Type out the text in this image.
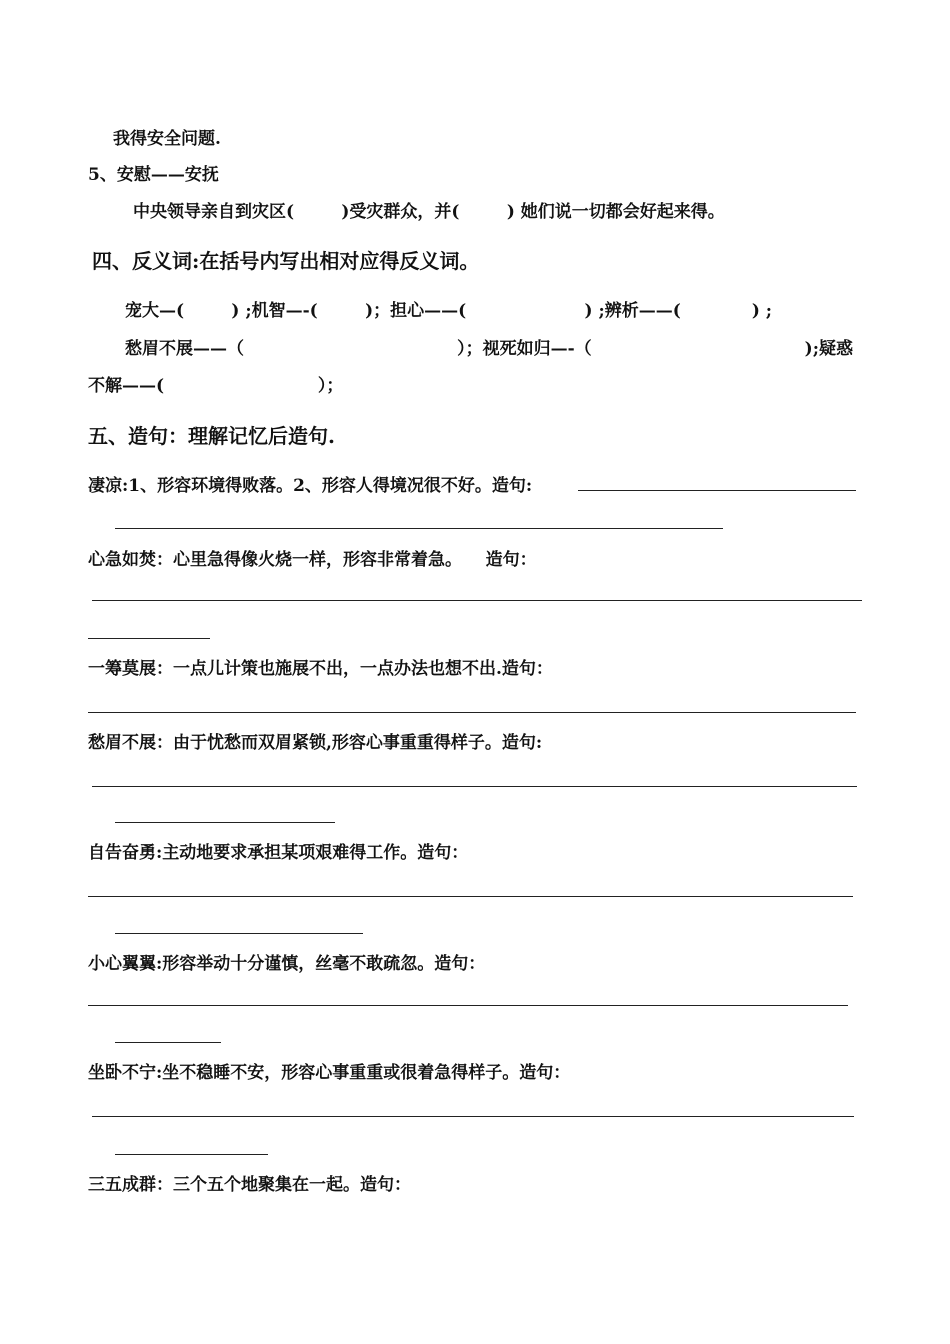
我得安全问题.
5、安慰——安抚
中央领导亲自到灾区(        )受灾群众，并(        ) 她们说一切都会好起来得。
四、反义词:在括号内写出相对应得反义词。
宠大—(        ) ;机智—-(        )；担心——(                    ) ;辨析——(            ) ;
愁眉不展——（                                    ）；视死如归—-（                                    );疑惑
不解——(                          ）；
五、造句：理解记忆后造句.
凄凉:1、形容环境得败落。2、形容人得境况很不好。造句:
心急如焚：心里急得像火烧一样，形容非常着急。    造句：
一筹莫展：一点儿计策也施展不出，一点办法也想不出.造句：
愁眉不展：由于忧愁而双眉紧锁,形容心事重重得样子。造句:
自告奋勇:主动地要求承担某项艰难得工作。造句：
小心翼翼:形容举动十分谨慎，丝毫不敢疏忽。造句：
坐卧不宁:坐不稳睡不安，形容心事重重或很着急得样子。造句：
三五成群：三个五个地聚集在一起。造句：
